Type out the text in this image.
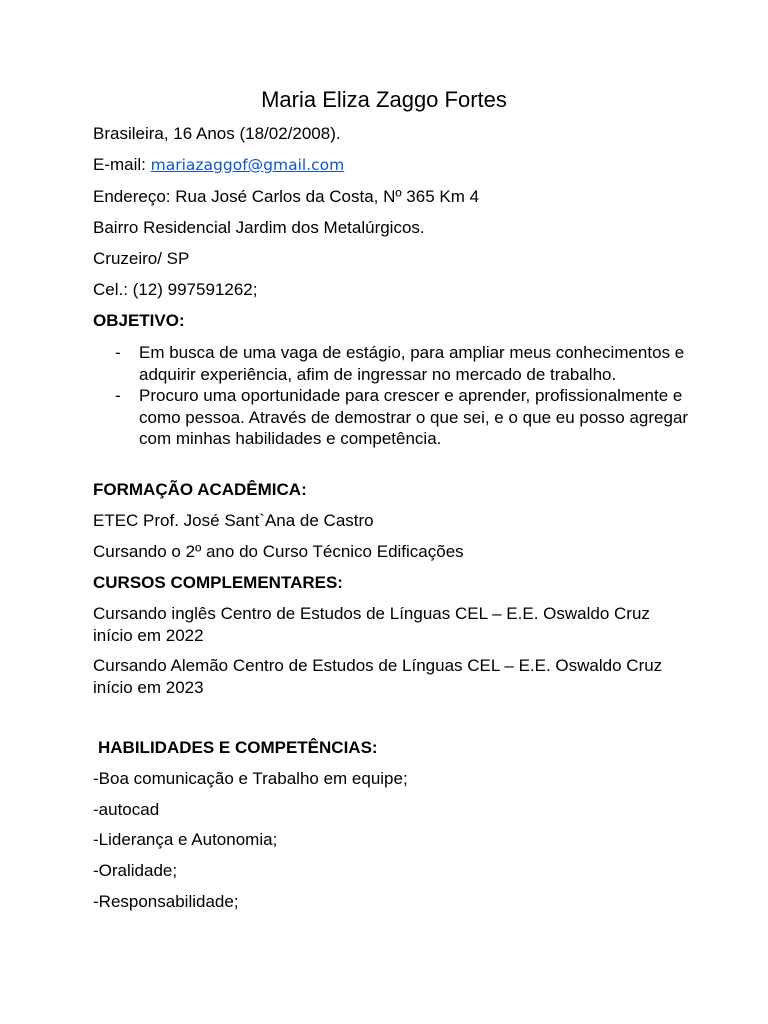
Maria Eliza Zaggo Fortes
Brasileira, 16 Anos (18/02/2008).
E-mail: mariazaggof@gmail.com
Endereço: Rua José Carlos da Costa, Nº 365 Km 4
Bairro Residencial Jardim dos Metalúrgicos.
Cruzeiro/ SP
Cel.: (12) 997591262;
OBJETIVO:
- Em busca de uma vaga de estágio, para ampliar meus conhecimentos e adquirir experiência, afim de ingressar no mercado de trabalho.
- Procuro uma oportunidade para crescer e aprender, profissionalmente e como pessoa. Através de demostrar o que sei, e o que eu posso agregar com minhas habilidades e competência.
FORMAÇÃO ACADÊMICA:
ETEC Prof. José Sant`Ana de Castro
Cursando o 2º ano do Curso Técnico Edificações
CURSOS COMPLEMENTARES:
Cursando inglês Centro de Estudos de Línguas CEL – E.E. Oswaldo Cruz início em 2022
Cursando Alemão Centro de Estudos de Línguas CEL – E.E. Oswaldo Cruz início em 2023
HABILIDADES E COMPETÊNCIAS:
-Boa comunicação e Trabalho em equipe;
-autocad
-Liderança e Autonomia;
-Oralidade;
-Responsabilidade;
